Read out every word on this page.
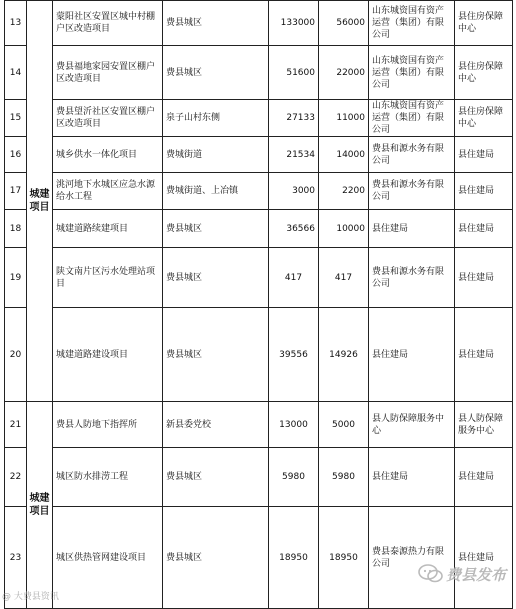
13	城建项目	蒙阳社区安置区城中村棚户区改造项目	费县城区	133000	56000	山东城资国有资产运营（集团）有限公司	县住房保障中心
14		费县福地家园安置区棚户区改造项目	费县城区	51600	22000	山东城资国有资产运营（集团）有限公司	县住房保障中心
15		费县望沂社区安置区棚户区改造项目	泉子山村东侧	27133	11000	山东城资国有资产运营（集团）有限公司	县住房保障中心
16		城乡供水一体化项目	费城街道	21534	14000	费县和源水务有限公司	县住建局
17		洮河地下水城区应急水源给水工程	费城街道、上冶镇	3000	2200	费县和源水务有限公司	县住建局
18		城建道路续建项目	费县城区	36566	10000	县住建局	县住建局
19		陕文南片区污水处理站项目	费县城区	417	417	费县和源水务有限公司	县住建局
20		城建道路建设项目	费县城区	39556	14926	县住建局	县住建局
21	城建项目	费县人防地下指挥所	新县委党校	13000	5000	县人防保障服务中心	县人防保障服务中心
22		城区防水排涝工程	费县城区	5980	5980	县住建局	县住建局
23		城区供热管网建设项目	费县城区	18950	18950	费县泰源热力有限公司	县住建局
@ 大费县资讯
费县发布
